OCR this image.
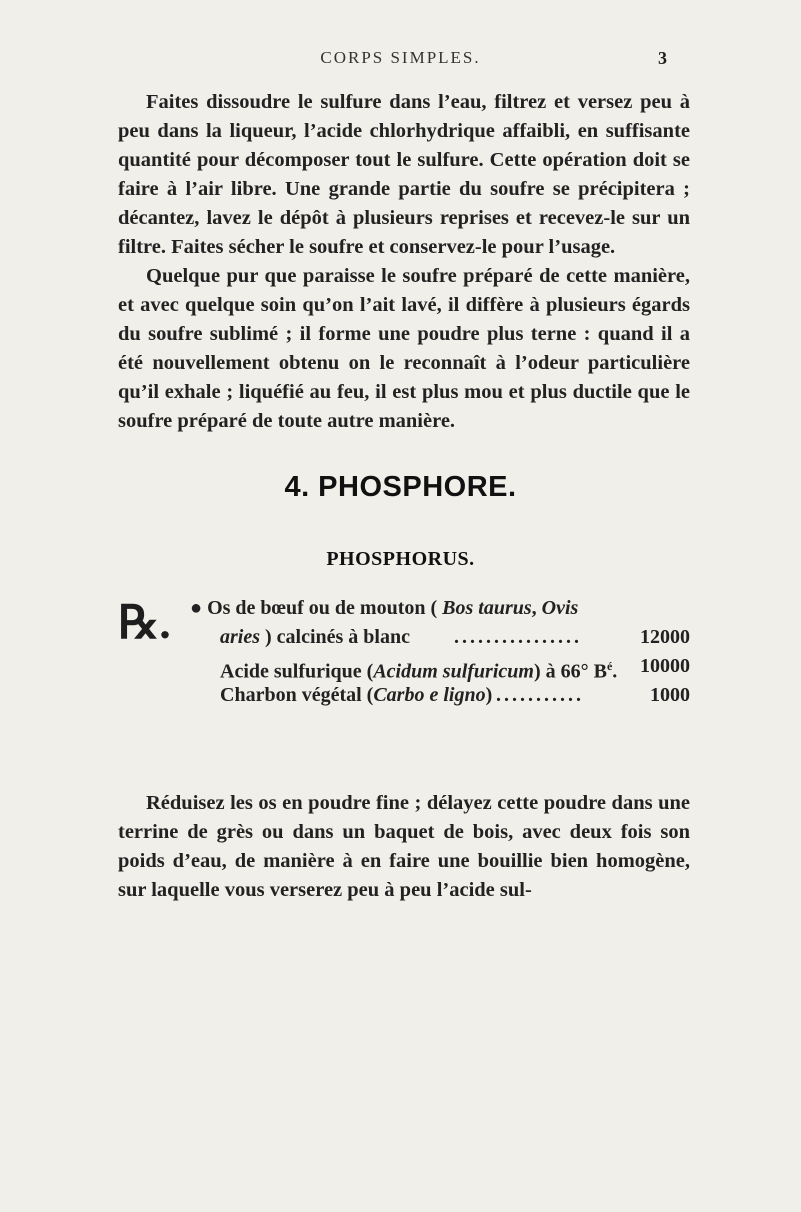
CORPS SIMPLES.	3

Faites dissoudre le sulfure dans l’eau, filtrez et versez peu à peu dans la liqueur, l’acide chlorhydrique affaibli, en suffisante quantité pour décomposer tout le sulfure. Cette opération doit se faire à l’air libre. Une grande partie du soufre se précipitera ; décantez, lavez le dépôt à plusieurs reprises et recevez-le sur un filtre. Faites sécher le soufre et conservez-le pour l’usage.

Quelque pur que paraisse le soufre préparé de cette manière, et avec quelque soin qu’on l’ait lavé, il diffère à plusieurs égards du soufre sublimé ; il forme une poudre plus terne : quand il a été nouvellement obtenu on le reconnaît à l’odeur particulière qu’il exhale ; liquéfié au feu, il est plus mou et plus ductile que le soufre préparé de toute autre manière.

4. PHOSPHORE.
PHOSPHORUS.
℞. ● Os de bœuf ou de mouton ( Bos taurus, Ovis
aries ) calcinés à blanc ................	12000
Acide sulfurique (Acidum sulfuricum) à 66° $B^é$. 10000
Charbon végétal (Carbo e ligno) ...........	1000

Réduisez les os en poudre fine ; délayez cette poudre dans une terrine de grès ou dans un baquet de bois, avec deux fois son poids d’eau, de manière à en faire une bouillie bien homogène, sur laquelle vous verserez peu à peu l’acide sul-
